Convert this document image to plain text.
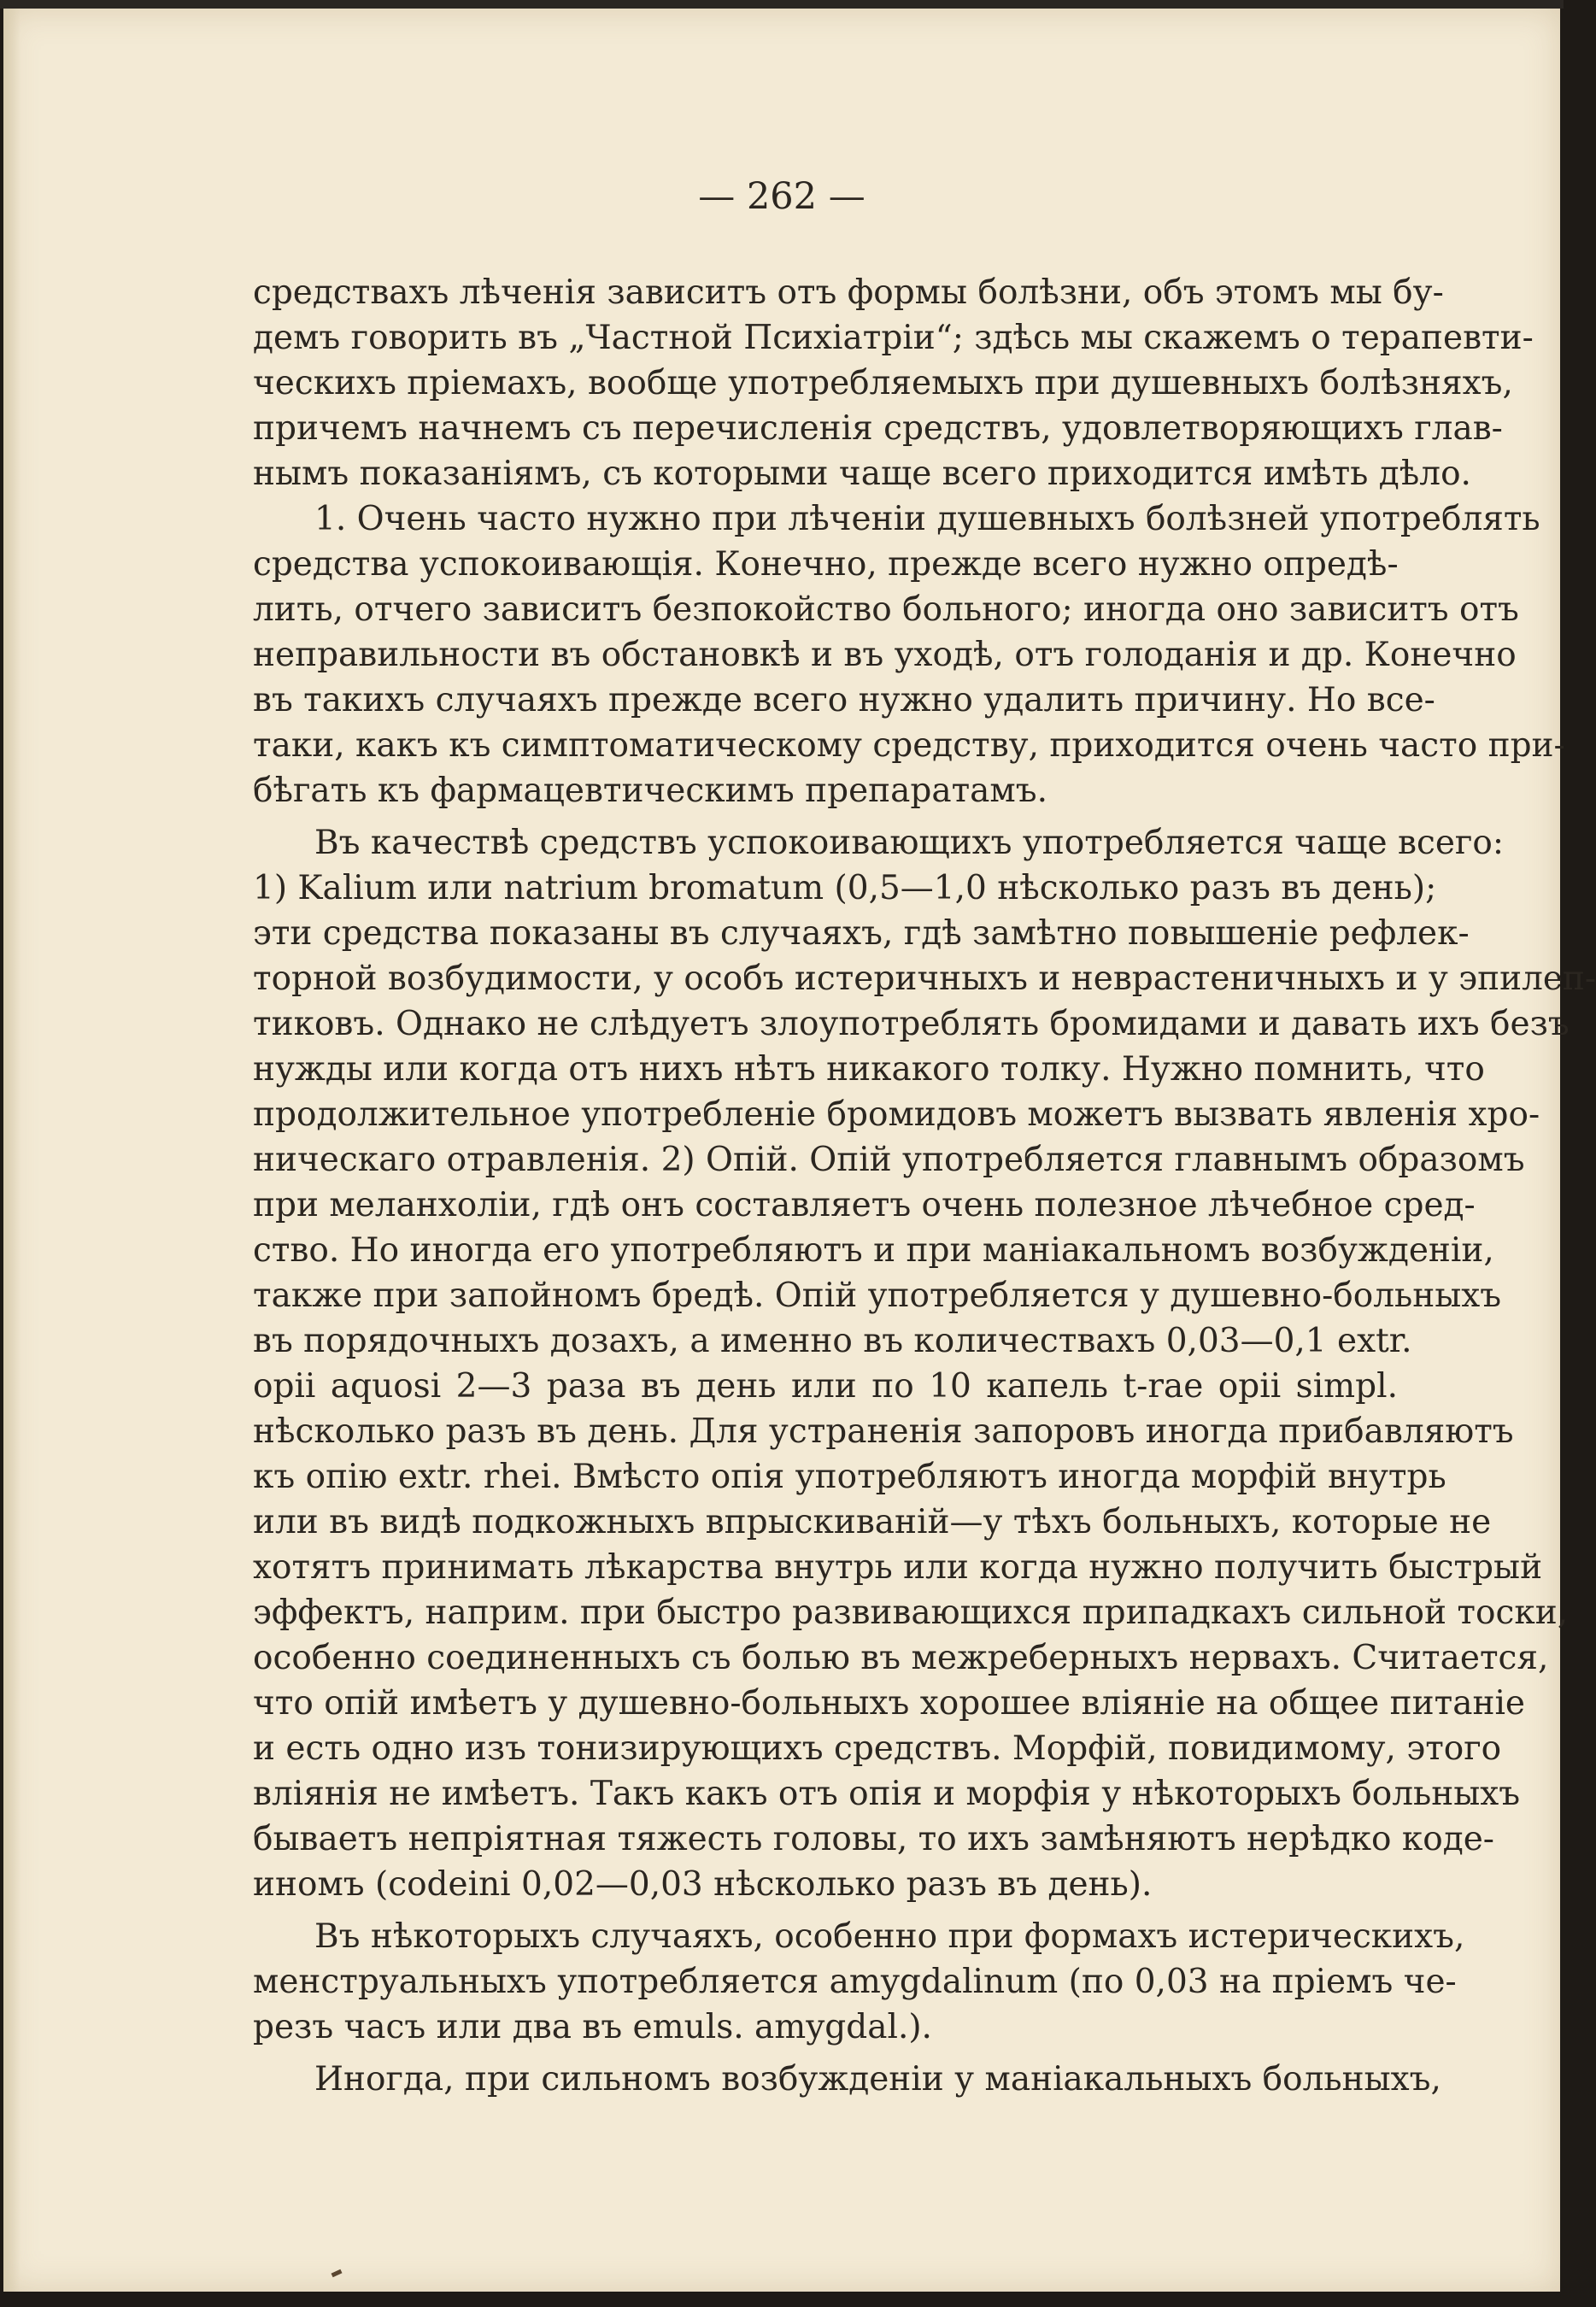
— 262 —
средствахъ лѣченія зависитъ отъ формы болѣзни, объ этомъ мы бу-
демъ говорить въ „Частной Психіатріи“; здѣсь мы скажемъ о терапевти-
ческихъ пріемахъ, вообще употребляемыхъ при душевныхъ болѣзняхъ,
причемъ начнемъ съ перечисленія средствъ, удовлетворяющихъ глав-
нымъ показаніямъ, съ которыми чаще всего приходится имѣть дѣло.
1. Очень часто нужно при лѣченіи душевныхъ болѣзней употреблять
средства успокоивающія. Конечно, прежде всего нужно опредѣ-
лить, отчего зависитъ безпокойство больного; иногда оно зависитъ отъ
неправильности въ обстановкѣ и въ уходѣ, отъ голоданія и др. Конечно
въ такихъ случаяхъ прежде всего нужно удалить причину. Но все-
таки, какъ къ симптоматическому средству, приходится очень часто при-
бѣгать къ фармацевтическимъ препаратамъ.
Въ качествѣ средствъ успокоивающихъ употребляется чаще всего:
1) Kalium или natrium bromatum (0,5—1,0 нѣсколько разъ въ день);
эти средства показаны въ случаяхъ, гдѣ замѣтно повышеніе рефлек-
торной возбудимости, у особъ истеричныхъ и неврастеничныхъ и у эпилеп-
тиковъ. Однако не слѣдуетъ злоупотреблять бромидами и давать ихъ безъ
нужды или когда отъ нихъ нѣтъ никакого толку. Нужно помнить, что
продолжительное употребленіе бромидовъ можетъ вызвать явленія хро-
ническаго отравленія. 2) Опій. Опій употребляется главнымъ образомъ
при меланхоліи, гдѣ онъ составляетъ очень полезное лѣчебное сред-
ство. Но иногда его употребляютъ и при маніакальномъ возбужденіи,
также при запойномъ бредѣ. Опій употребляется у душевно-больныхъ
въ порядочныхъ дозахъ, а именно въ количествахъ 0,03—0,1 extr.
opii aquosi 2—3 раза въ день или по 10 капель t-rae opii simpl.
нѣсколько разъ въ день. Для устраненія запоровъ иногда прибавляютъ
къ опію extr. rhei. Вмѣсто опія употребляютъ иногда морфій внутрь
или въ видѣ подкожныхъ впрыскиваній—у тѣхъ больныхъ, которые не
хотятъ принимать лѣкарства внутрь или когда нужно получить быстрый
эффектъ, наприм. при быстро развивающихся припадкахъ сильной тоски,
особенно соединенныхъ съ болью въ межреберныхъ нервахъ. Считается,
что опій имѣетъ у душевно-больныхъ хорошее вліяніе на общее питаніе
и есть одно изъ тонизирующихъ средствъ. Морфій, повидимому, этого
вліянія не имѣетъ. Такъ какъ отъ опія и морфія у нѣкоторыхъ больныхъ
бываетъ непріятная тяжесть головы, то ихъ замѣняютъ нерѣдко коде-
иномъ (codeini 0,02—0,03 нѣсколько разъ въ день).
Въ нѣкоторыхъ случаяхъ, особенно при формахъ истерическихъ,
менструальныхъ употребляется amygdalinum (по 0,03 на пріемъ че-
резъ часъ или два въ emuls. amygdal.).
Иногда, при сильномъ возбужденіи у маніакальныхъ больныхъ,
